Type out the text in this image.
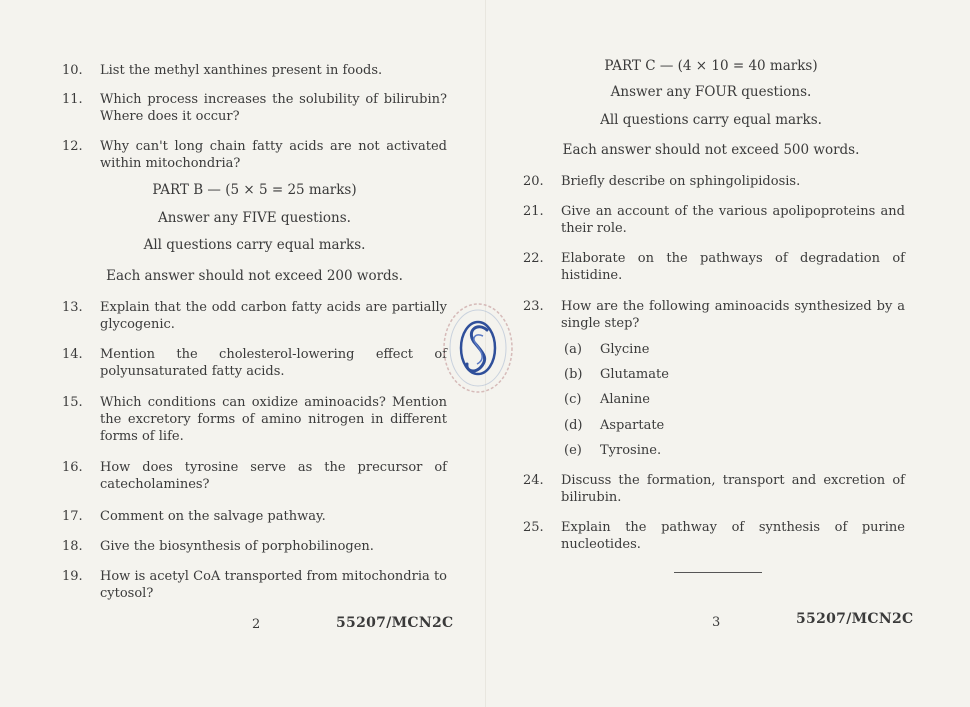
10.	List the methyl xanthines present in foods.
11.	Which process increases the solubility of bilirubin? Where does it occur?
12.	Why can't long chain fatty acids are not activated within mitochondria?
PART B — (5 × 5 = 25 marks)
Answer any FIVE questions.
All questions carry equal marks.
Each answer should not exceed 200 words.
13.	Explain that the odd carbon fatty acids are partially glycogenic.
14.	Mention the cholesterol-lowering effect of polyunsaturated fatty acids.
15.	Which conditions can oxidize aminoacids? Mention the excretory forms of amino nitrogen in different forms of life.
16.	How does tyrosine serve as the precursor of catecholamines?
17.	Comment on the salvage pathway.
18.	Give the biosynthesis of porphobilinogen.
19.	How is acetyl CoA transported from mitochondria to cytosol?
2	55207/MCN2C
PART C — (4 × 10 = 40 marks)
Answer any FOUR questions.
All questions carry equal marks.
Each answer should not exceed 500 words.
20.	Briefly describe on sphingolipidosis.
21.	Give an account of the various apolipoproteins and their role.
22.	Elaborate on the pathways of degradation of histidine.
23.	How are the following aminoacids synthesized by a single step?
(a)	Glycine
(b)	Glutamate
(c)	Alanine
(d)	Aspartate
(e)	Tyrosine.
24.	Discuss the formation, transport and excretion of bilirubin.
25.	Explain the pathway of synthesis of purine nucleotides.
3	55207/MCN2C
